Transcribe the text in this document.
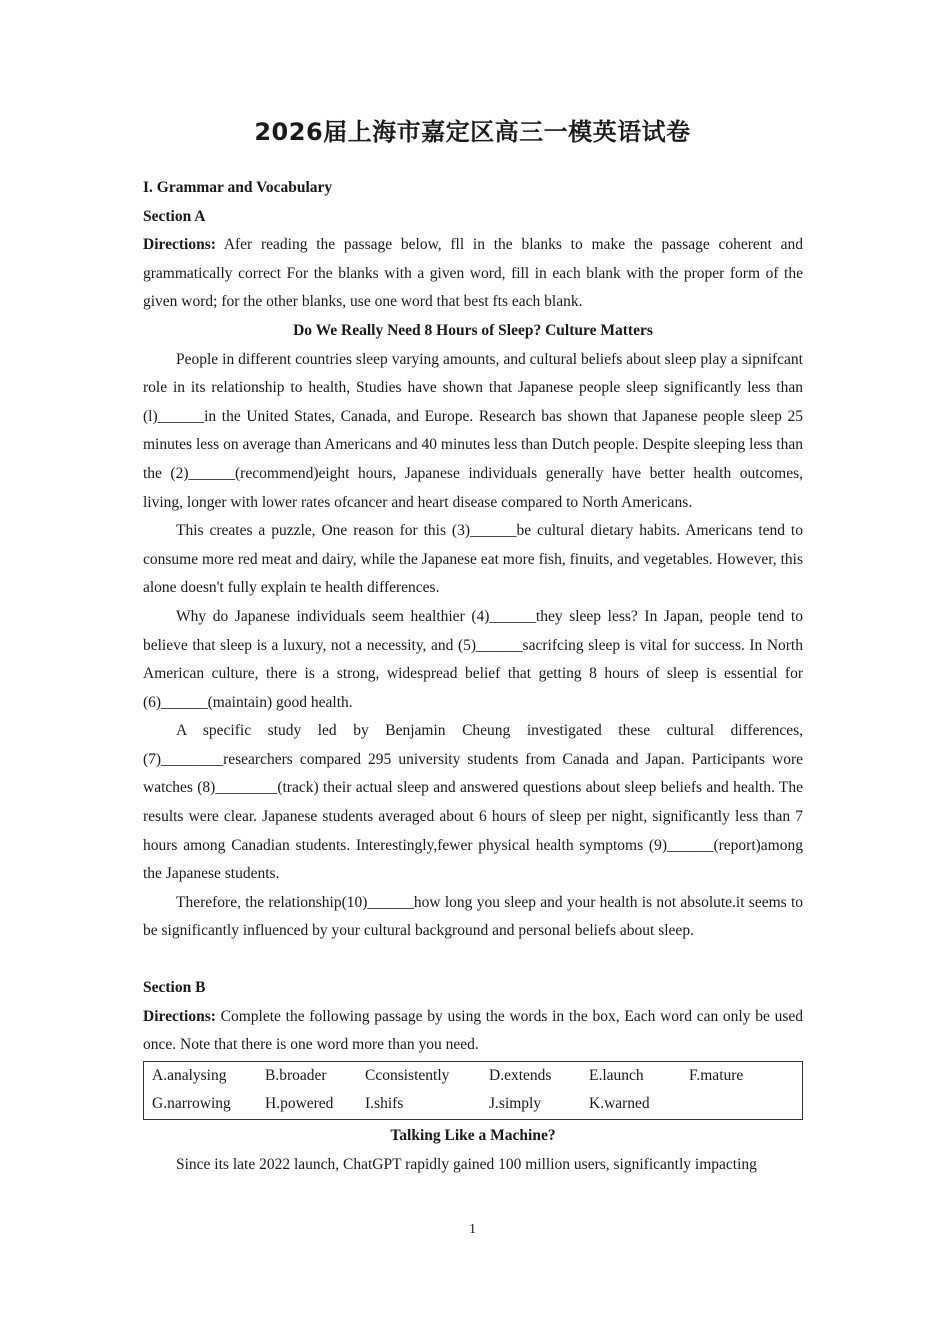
2026届上海市嘉定区高三一模英语试卷

I. Grammar and Vocabulary

Section A

Directions: Afer reading the passage below, fll in the blanks to make the passage coherent and grammatically correct For the blanks with a given word, fill in each blank with the proper form of the given word; for the other blanks, use one word that best fts each blank.

Do We Really Need 8 Hours of Sleep? Culture Matters

People in different countries sleep varying amounts, and cultural beliefs about sleep play a sipnifcant role in its relationship to health, Studies have shown that Japanese people sleep significantly less than (l)______in the United States, Canada, and Europe. Research bas shown that Japanese people sleep 25 minutes less on average than Americans and 40 minutes less than Dutch people. Despite sleeping less than the (2)______(recommend)eight hours, Japanese individuals generally have better health outcomes, living, longer with lower rates ofcancer and heart disease compared to North Americans.

This creates a puzzle, One reason for this (3)______be cultural dietary habits. Americans tend to consume more red meat and dairy, while the Japanese eat more fish, finuits, and vegetables. However, this alone doesn't fully explain te health differences.

Why do Japanese individuals seem healthier (4)______they sleep less? In Japan, people tend to believe that sleep is a luxury, not a necessity, and (5)______sacrifcing sleep is vital for success. In North American culture, there is a strong, widespread belief that getting 8 hours of sleep is essential for (6)______(maintain) good health.

A specific study led by Benjamin Cheung investigated these cultural differences, (7)________researchers compared 295 university students from Canada and Japan. Participants wore watches (8)________(track) their actual sleep and answered questions about sleep beliefs and health. The results were clear. Japanese students averaged about 6 hours of sleep per night, significantly less than 7 hours among Canadian students. Interestingly,fewer physical health symptoms (9)______(report)among the Japanese students.

Therefore, the relationship(10)______how long you sleep and your health is not absolute.it seems to be significantly influenced by your cultural background and personal beliefs about sleep.

Section B

Directions: Complete the following passage by using the words in the box, Each word can only be used once. Note that there is one word more than you need.

A.analysing	B.broader	Cconsistently	D.extends	E.launch	F.mature
G.narrowing	H.powered	I.shifs	J.simply	K.warned	

Talking Like a Machine?

Since its late 2022 launch, ChatGPT rapidly gained 100 million users, significantly impacting

1
